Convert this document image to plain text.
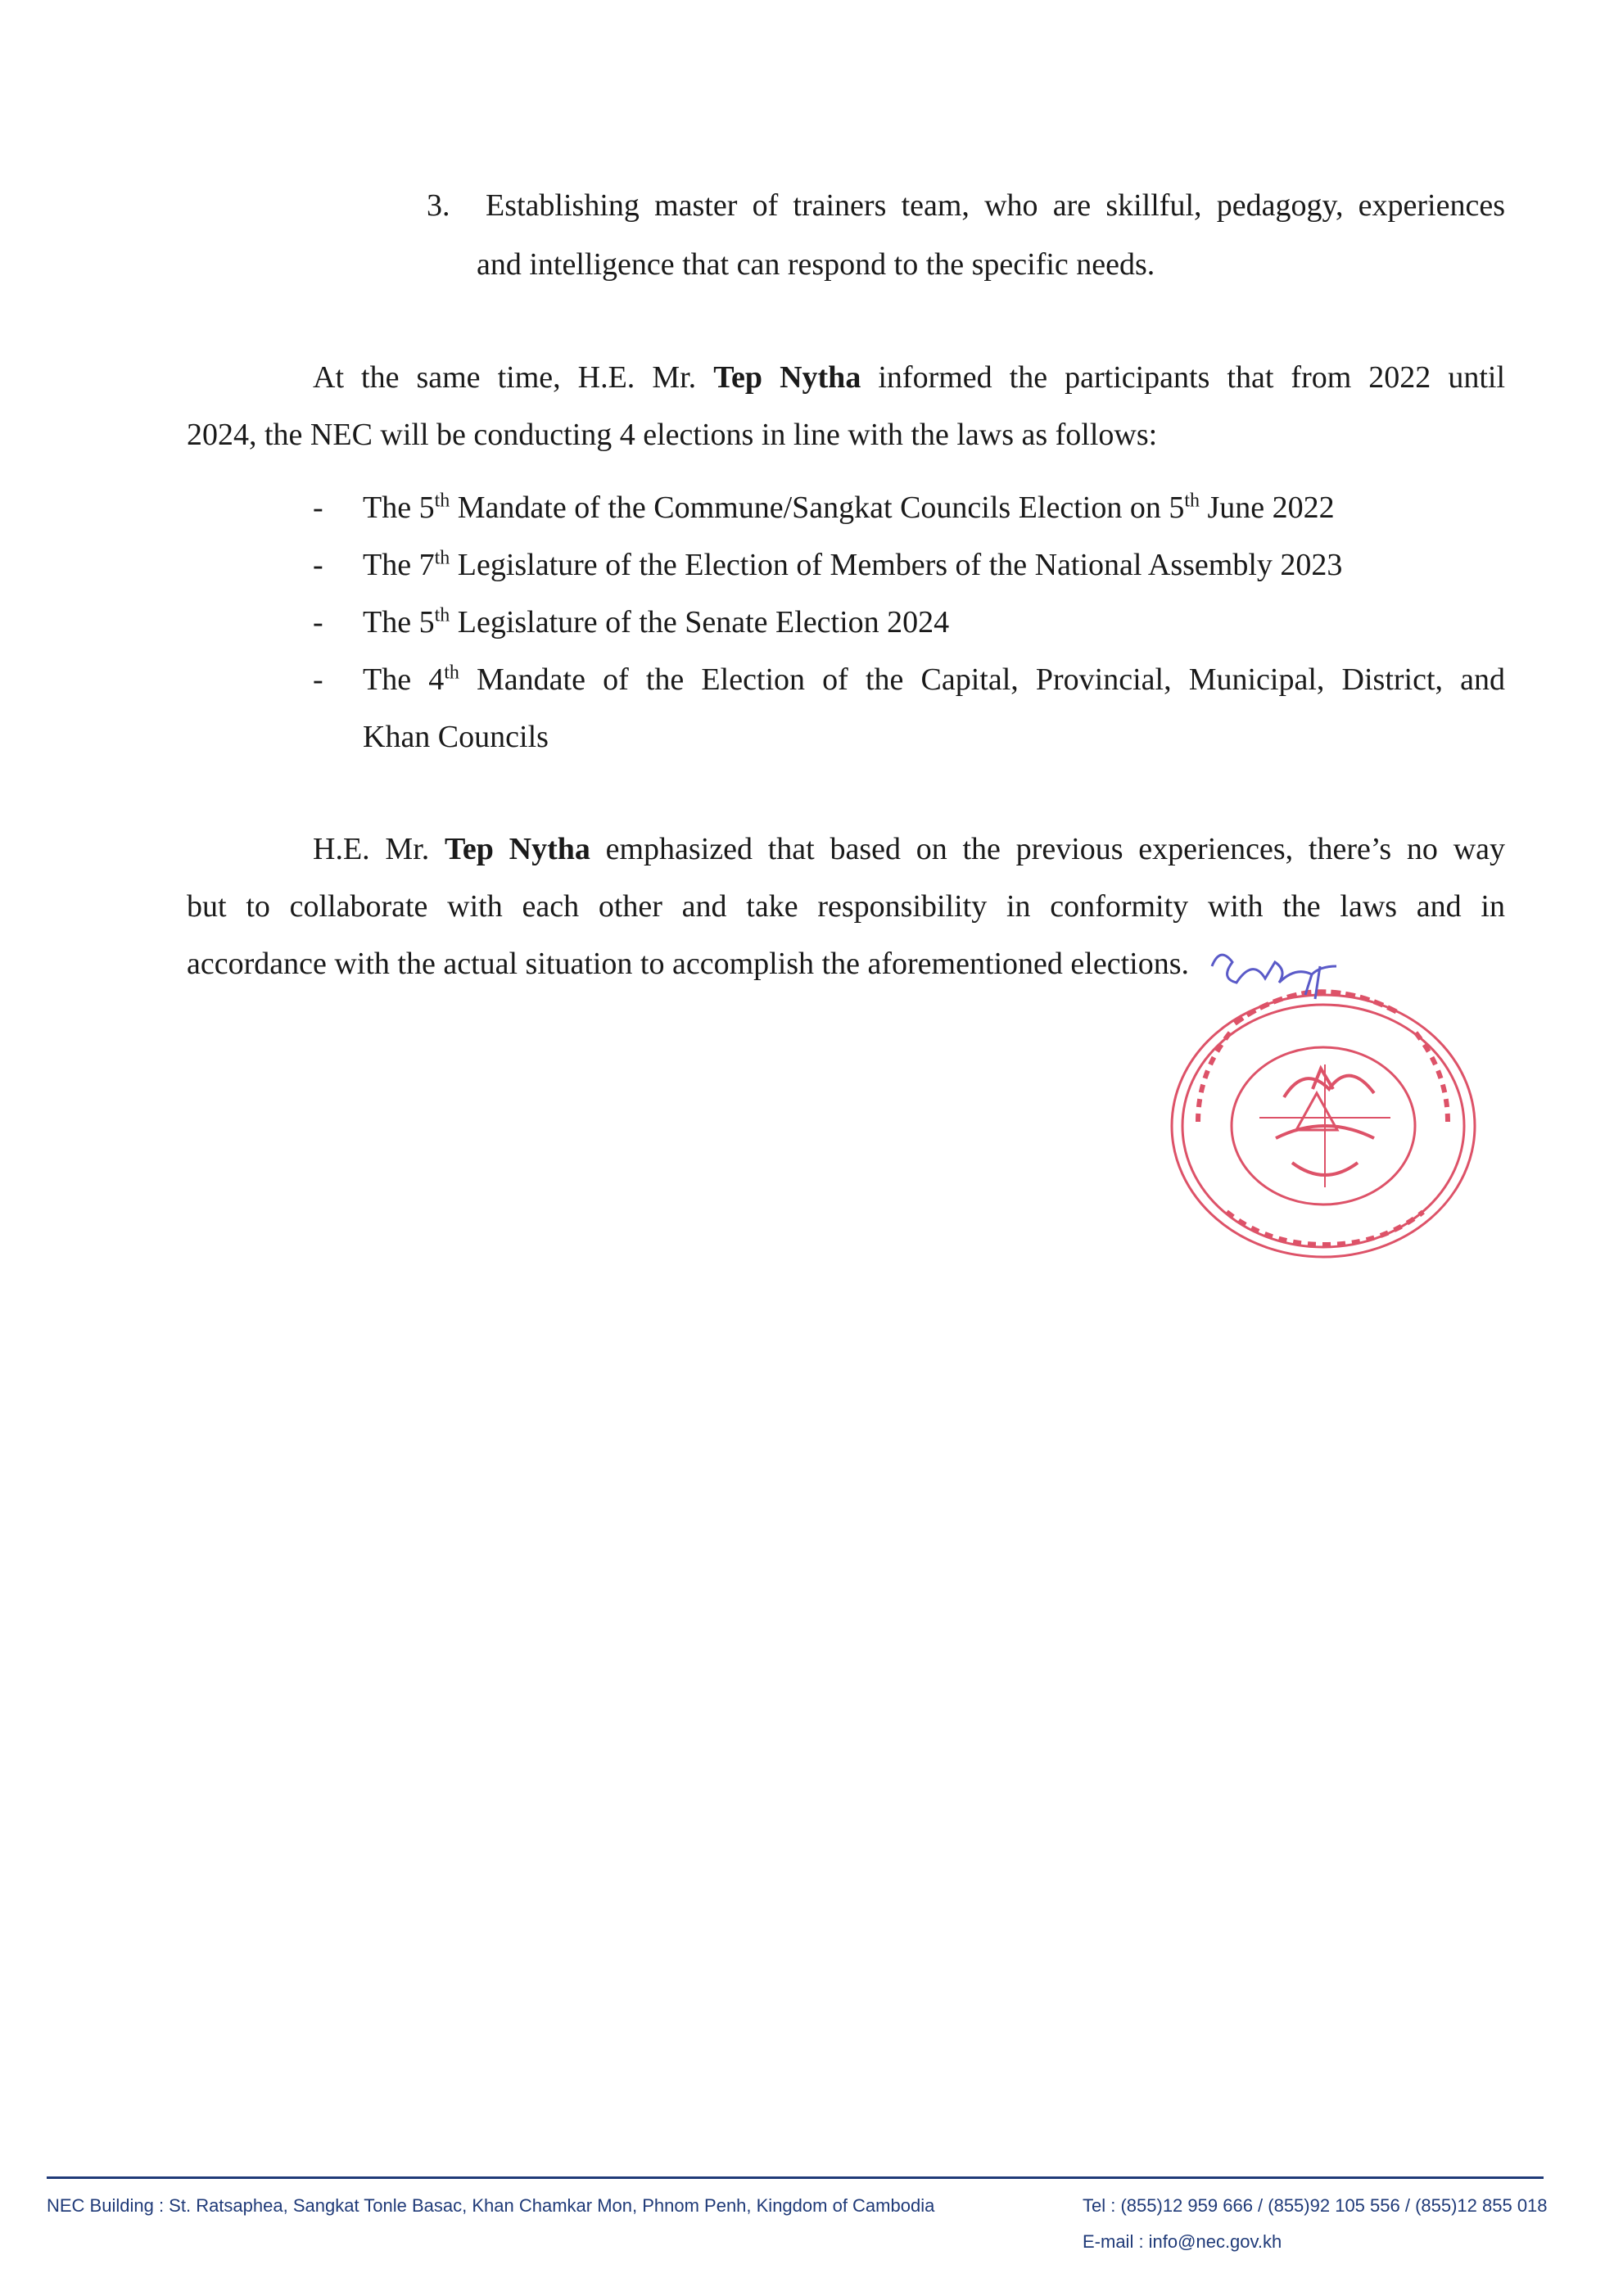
3. Establishing master of trainers team, who are skillful, pedagogy, experiences
and intelligence that can respond to the specific needs.
At the same time, H.E. Mr. Tep Nytha informed the participants that from 2022 until
2024, the NEC will be conducting 4 elections in line with the laws as follows:
- The 5th Mandate of the Commune/Sangkat Councils Election on 5th June 2022
- The 7th Legislature of the Election of Members of the National Assembly 2023
- The 5th Legislature of the Senate Election 2024
- The 4th Mandate of the Election of the Capital, Provincial, Municipal, District, and
Khan Councils
H.E. Mr. Tep Nytha emphasized that based on the previous experiences, there’s no way
but to collaborate with each other and take responsibility in conformity with the laws and in
accordance with the actual situation to accomplish the aforementioned elections.
NEC Building : St. Ratsaphea, Sangkat Tonle Basac, Khan Chamkar Mon, Phnom Penh, Kingdom of Cambodia	Tel : (855)12 959 666 / (855)92 105 556 / (855)12 855 018
E-mail : info@nec.gov.kh
